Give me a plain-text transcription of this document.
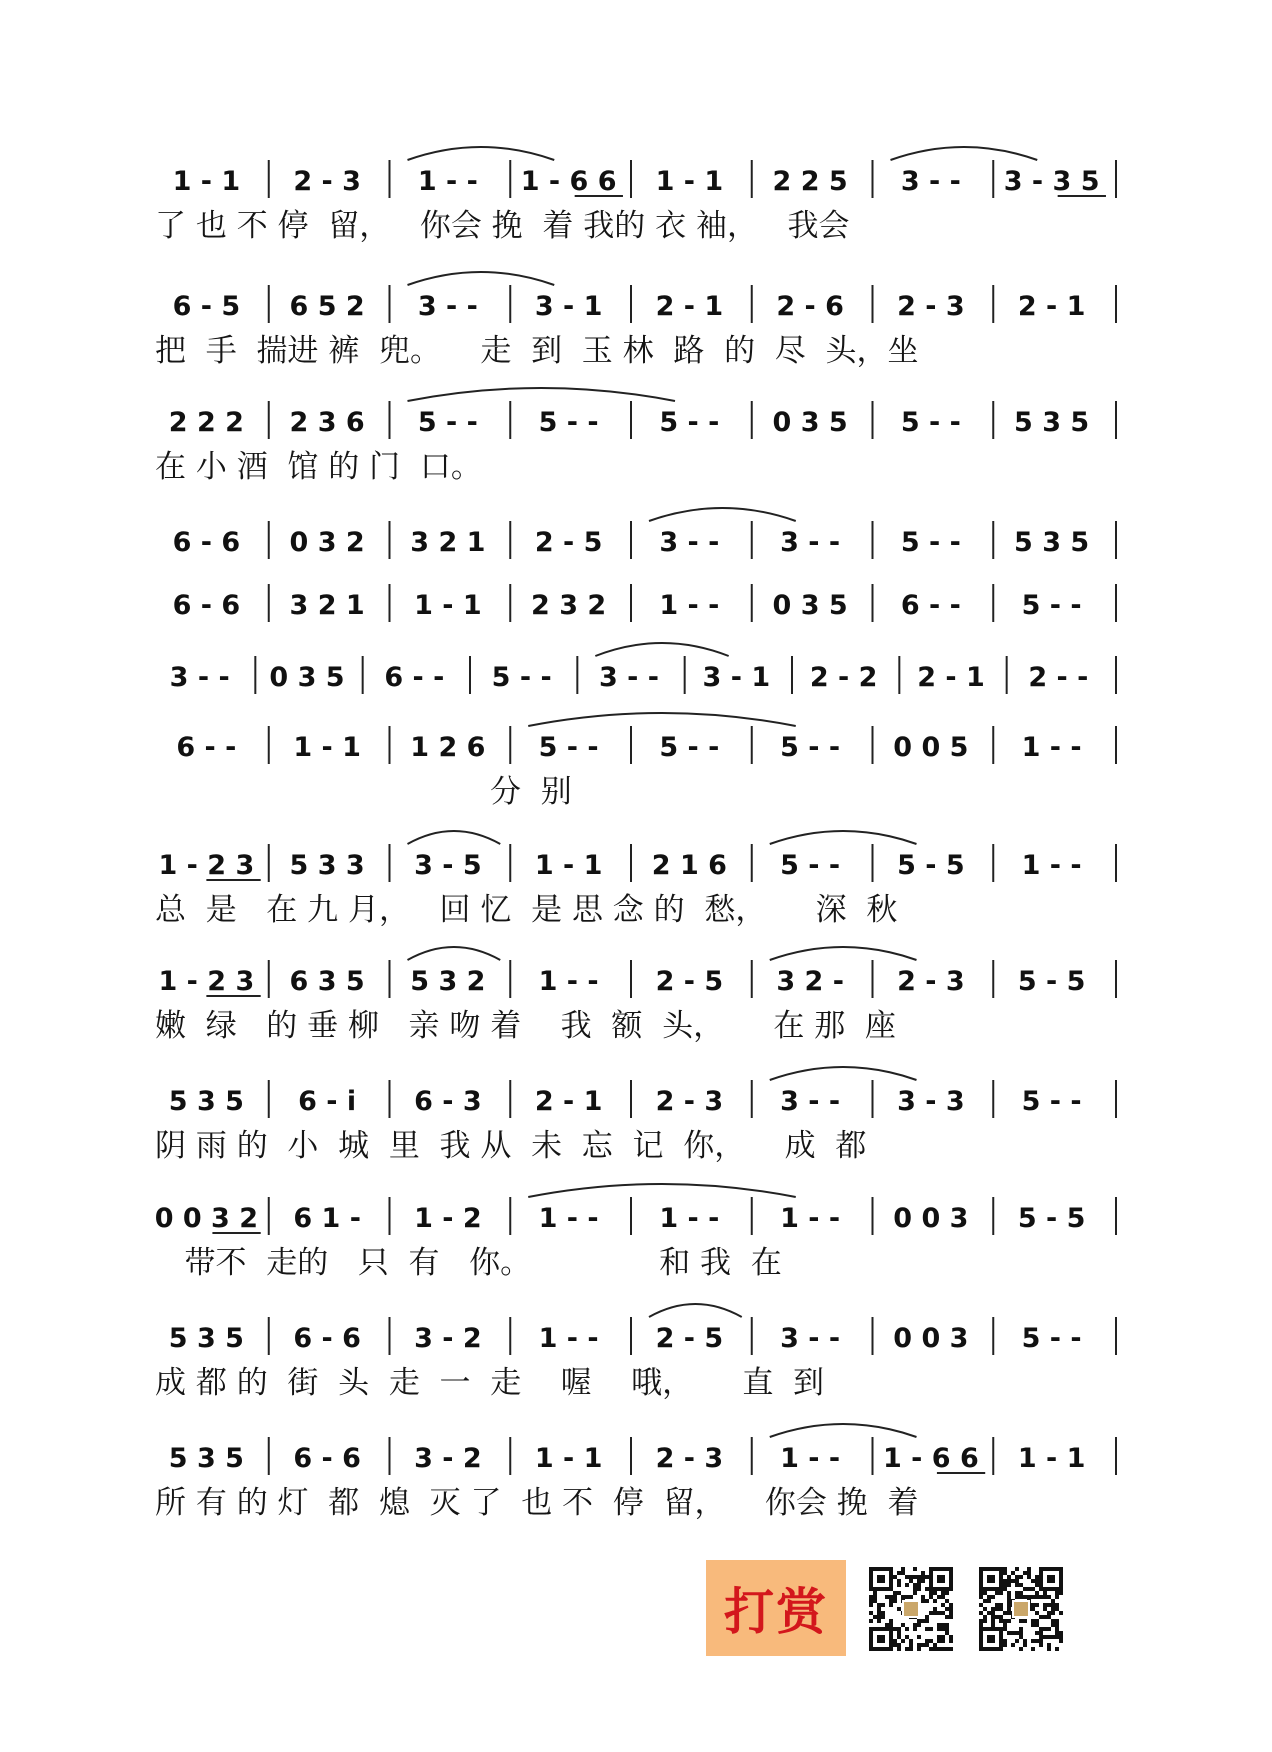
1 - 1 2 - 3 1 - - 1 - 6 6 1 - 1 2 2 5 3 - - 3 - 3 5
6 - 5 6 5 2 3 - - 3 - 1 2 - 1 2 - 6 2 - 3 2 - 1
2 2 2 2 3 6 5 - - 5 - - 5 - - 0 3 5 5 - - 5 3 5
6 - 6 0 3 2 3 2 1 2 - 5 3 - - 3 - - 5 - - 5 3 5
6 - 6 3 2 1 1 - 1 2 3 2 1 - - 0 3 5 6 - - 5 - -
3 - - 0 3 5 6 - - 5 - - 3 - - 3 - 1 2 - 2 2 - 1 2 - -
6 - - 1 - 1 1 2 6 5 - - 5 - - 5 - - 0 0 5 1 - -
1 - 2 3 5 3 3 3 - 5 1 - 1 2 1 6 5 - - 5 - 5 1 - -
1 - 2 3 6 3 5 5 3 2 1 - - 2 - 5 3 2 - 2 - 3 5 - 5
5 3 5 6 - i 6 - 3 2 - 1 2 - 3 3 - - 3 - 3 5 - -
0 0 3 2 6 1 - 1 - 2 1 - - 1 - - 1 - - 0 0 3 5 - 5
5 3 5 6 - 6 3 - 2 1 - - 2 - 5 3 - - 0 0 3 5 - -
5 3 5 6 - 6 3 - 2 1 - 1 2 - 3 1 - - 1 - 6 6 1 - 1
了 也 不 停  留，   你会 挽  着 我的 衣 袖，   我会
把  手  揣进 裤  兜。    走  到  玉 林  路  的  尽  头，坐
在 小 酒  馆 的 门  口。
分  别
总  是   在 九 月，   回 忆  是 思 念 的  愁，     深  秋
嫩  绿   的 垂 柳   亲 吻 着    我  额  头，     在 那  座
阴 雨 的  小  城  里  我 从  未  忘  记  你，    成  都
带不  走的   只  有   你。             和 我  在
成 都 的  街  头  走  一  走    喔    哦，     直  到
所 有 的 灯  都  熄  灭 了  也 不  停  留，    你会 挽  着
打赏
